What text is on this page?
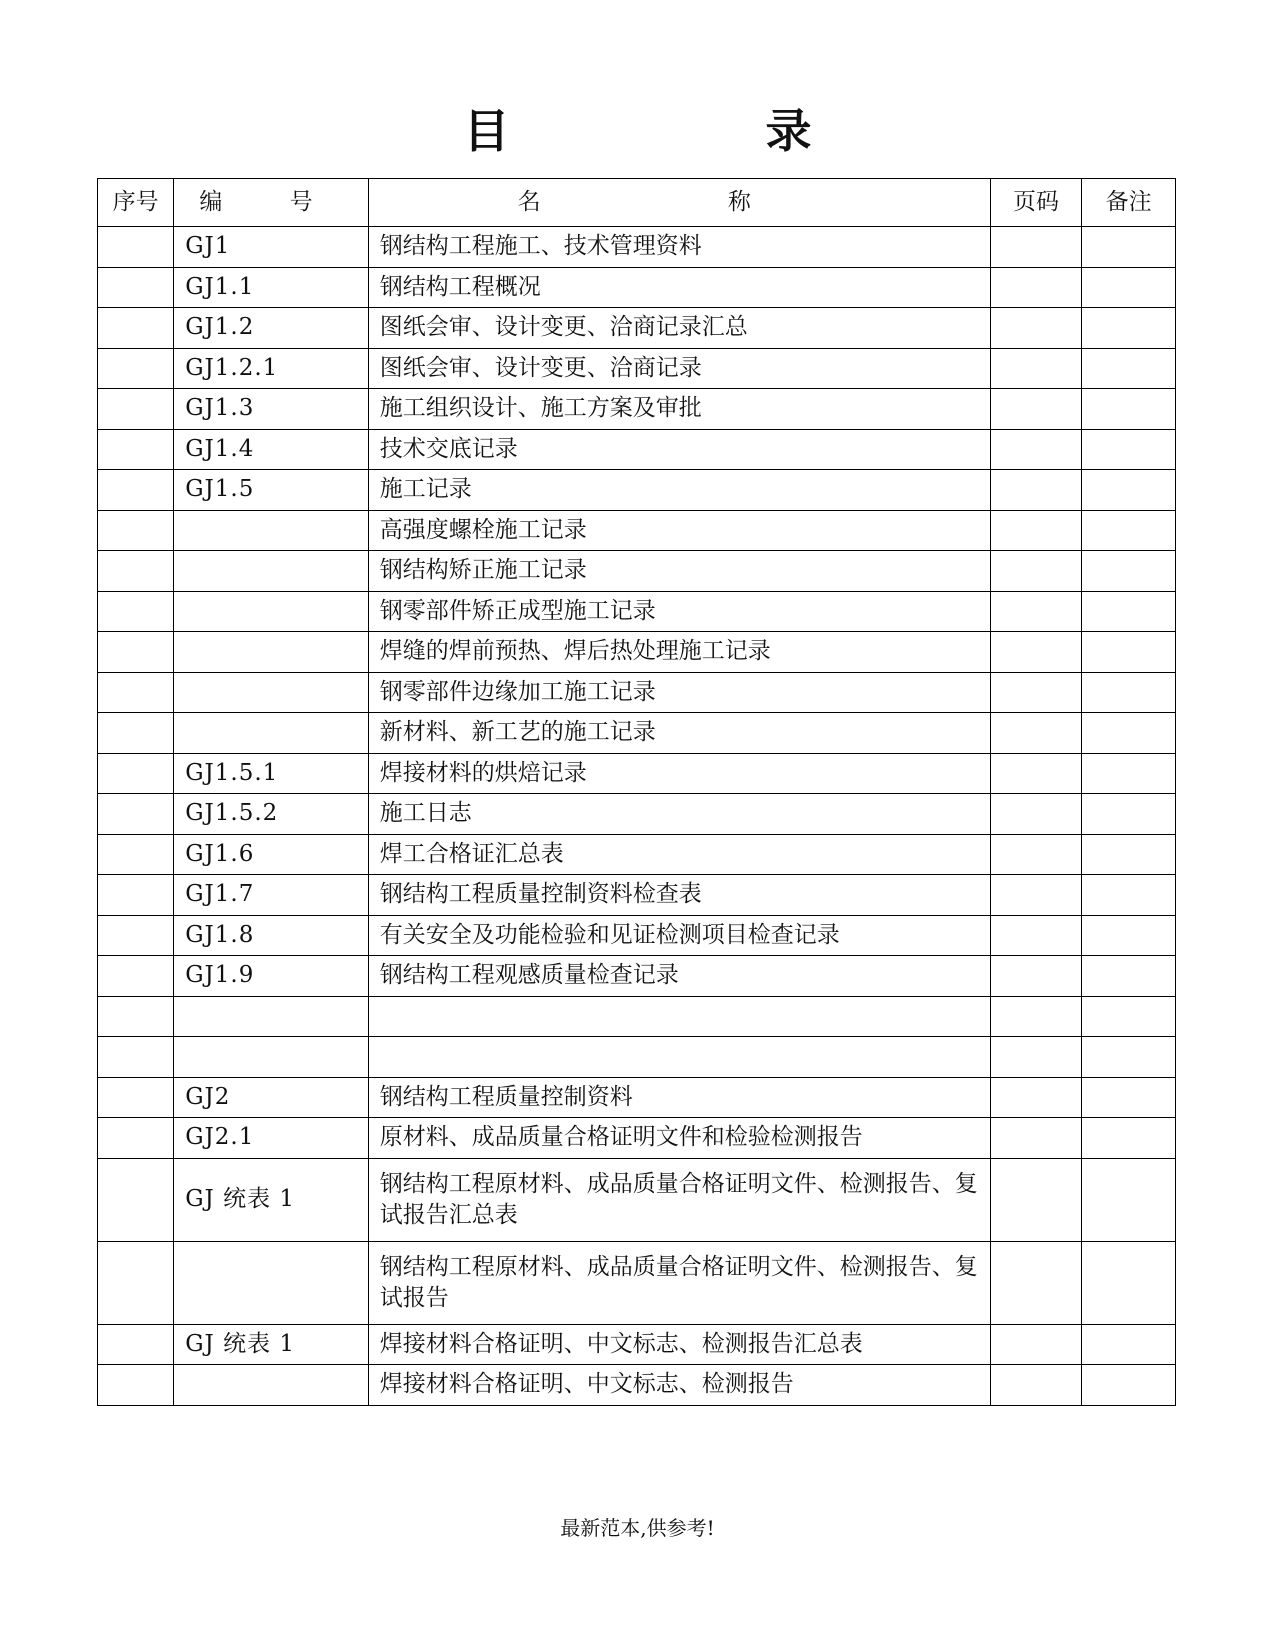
目 录
序号	编 号	名 称	页码	备注
	GJ1	钢结构工程施工、技术管理资料		
	GJ1.1	钢结构工程概况		
	GJ1.2	图纸会审、设计变更、洽商记录汇总		
	GJ1.2.1	图纸会审、设计变更、洽商记录		
	GJ1.3	施工组织设计、施工方案及审批		
	GJ1.4	技术交底记录		
	GJ1.5	施工记录		
		高强度螺栓施工记录		
		钢结构矫正施工记录		
		钢零部件矫正成型施工记录		
		焊缝的焊前预热、焊后热处理施工记录		
		钢零部件边缘加工施工记录		
		新材料、新工艺的施工记录		
	GJ1.5.1	焊接材料的烘焙记录		
	GJ1.5.2	施工日志		
	GJ1.6	焊工合格证汇总表		
	GJ1.7	钢结构工程质量控制资料检查表		
	GJ1.8	有关安全及功能检验和见证检测项目检查记录		
	GJ1.9	钢结构工程观感质量检查记录		

	GJ2	钢结构工程质量控制资料		
	GJ2.1	原材料、成品质量合格证明文件和检验检测报告		
	GJ 统表 1	钢结构工程原材料、成品质量合格证明文件、检测报告、复试报告汇总表		
		钢结构工程原材料、成品质量合格证明文件、检测报告、复试报告		
	GJ 统表 1	焊接材料合格证明、中文标志、检测报告汇总表		
		焊接材料合格证明、中文标志、检测报告		
最新范本,供参考!
